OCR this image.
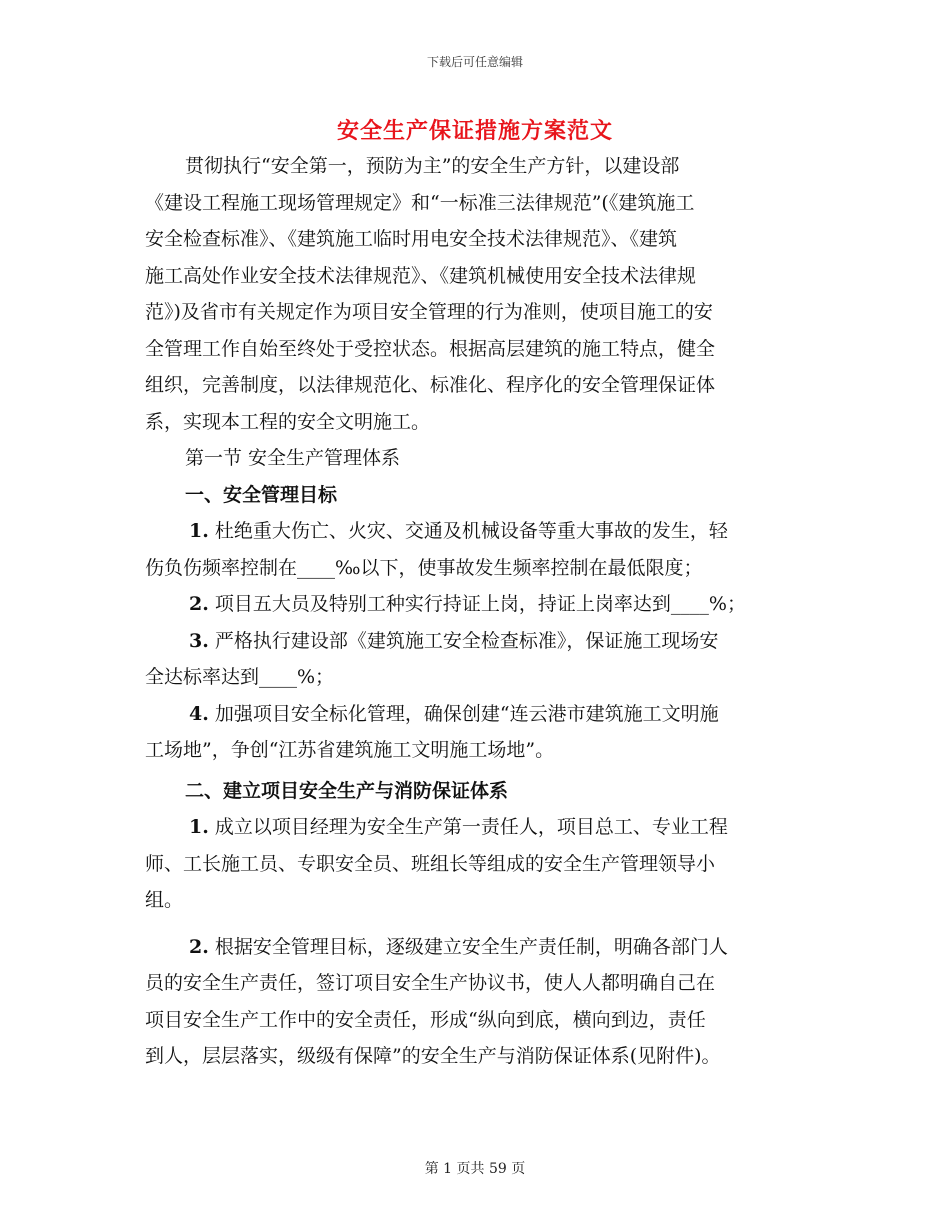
下载后可任意编辑
安全生产保证措施方案范文
贯彻执行“安全第一，预防为主”的安全生产方针，以建设部
《建设工程施工现场管理规定》和“一标准三法律规范”(《建筑施工
安全检查标准》、《建筑施工临时用电安全技术法律规范》、《建筑
施工高处作业安全技术法律规范》、《建筑机械使用安全技术法律规
范》)及省市有关规定作为项目安全管理的行为准则，使项目施工的安
全管理工作自始至终处于受控状态。根据高层建筑的施工特点，健全
组织，完善制度，以法律规范化、标准化、程序化的安全管理保证体
系，实现本工程的安全文明施工。
第一节 安全生产管理体系
一、安全管理目标
1. 杜绝重大伤亡、火灾、交通及机械设备等重大事故的发生，轻
伤负伤频率控制在____‰以下，使事故发生频率控制在最低限度；
2. 项目五大员及特别工种实行持证上岗，持证上岗率达到____%；
3. 严格执行建设部《建筑施工安全检查标准》，保证施工现场安
全达标率达到____%；
4. 加强项目安全标化管理，确保创建“连云港市建筑施工文明施
工场地”，争创“江苏省建筑施工文明施工场地”。
二、建立项目安全生产与消防保证体系
1. 成立以项目经理为安全生产第一责任人，项目总工、专业工程
师、工长施工员、专职安全员、班组长等组成的安全生产管理领导小
组。
2. 根据安全管理目标，逐级建立安全生产责任制，明确各部门人
员的安全生产责任，签订项目安全生产协议书，使人人都明确自己在
项目安全生产工作中的安全责任，形成“纵向到底，横向到边，责任
到人，层层落实，级级有保障”的安全生产与消防保证体系(见附件)。
第 1 页共 59 页
